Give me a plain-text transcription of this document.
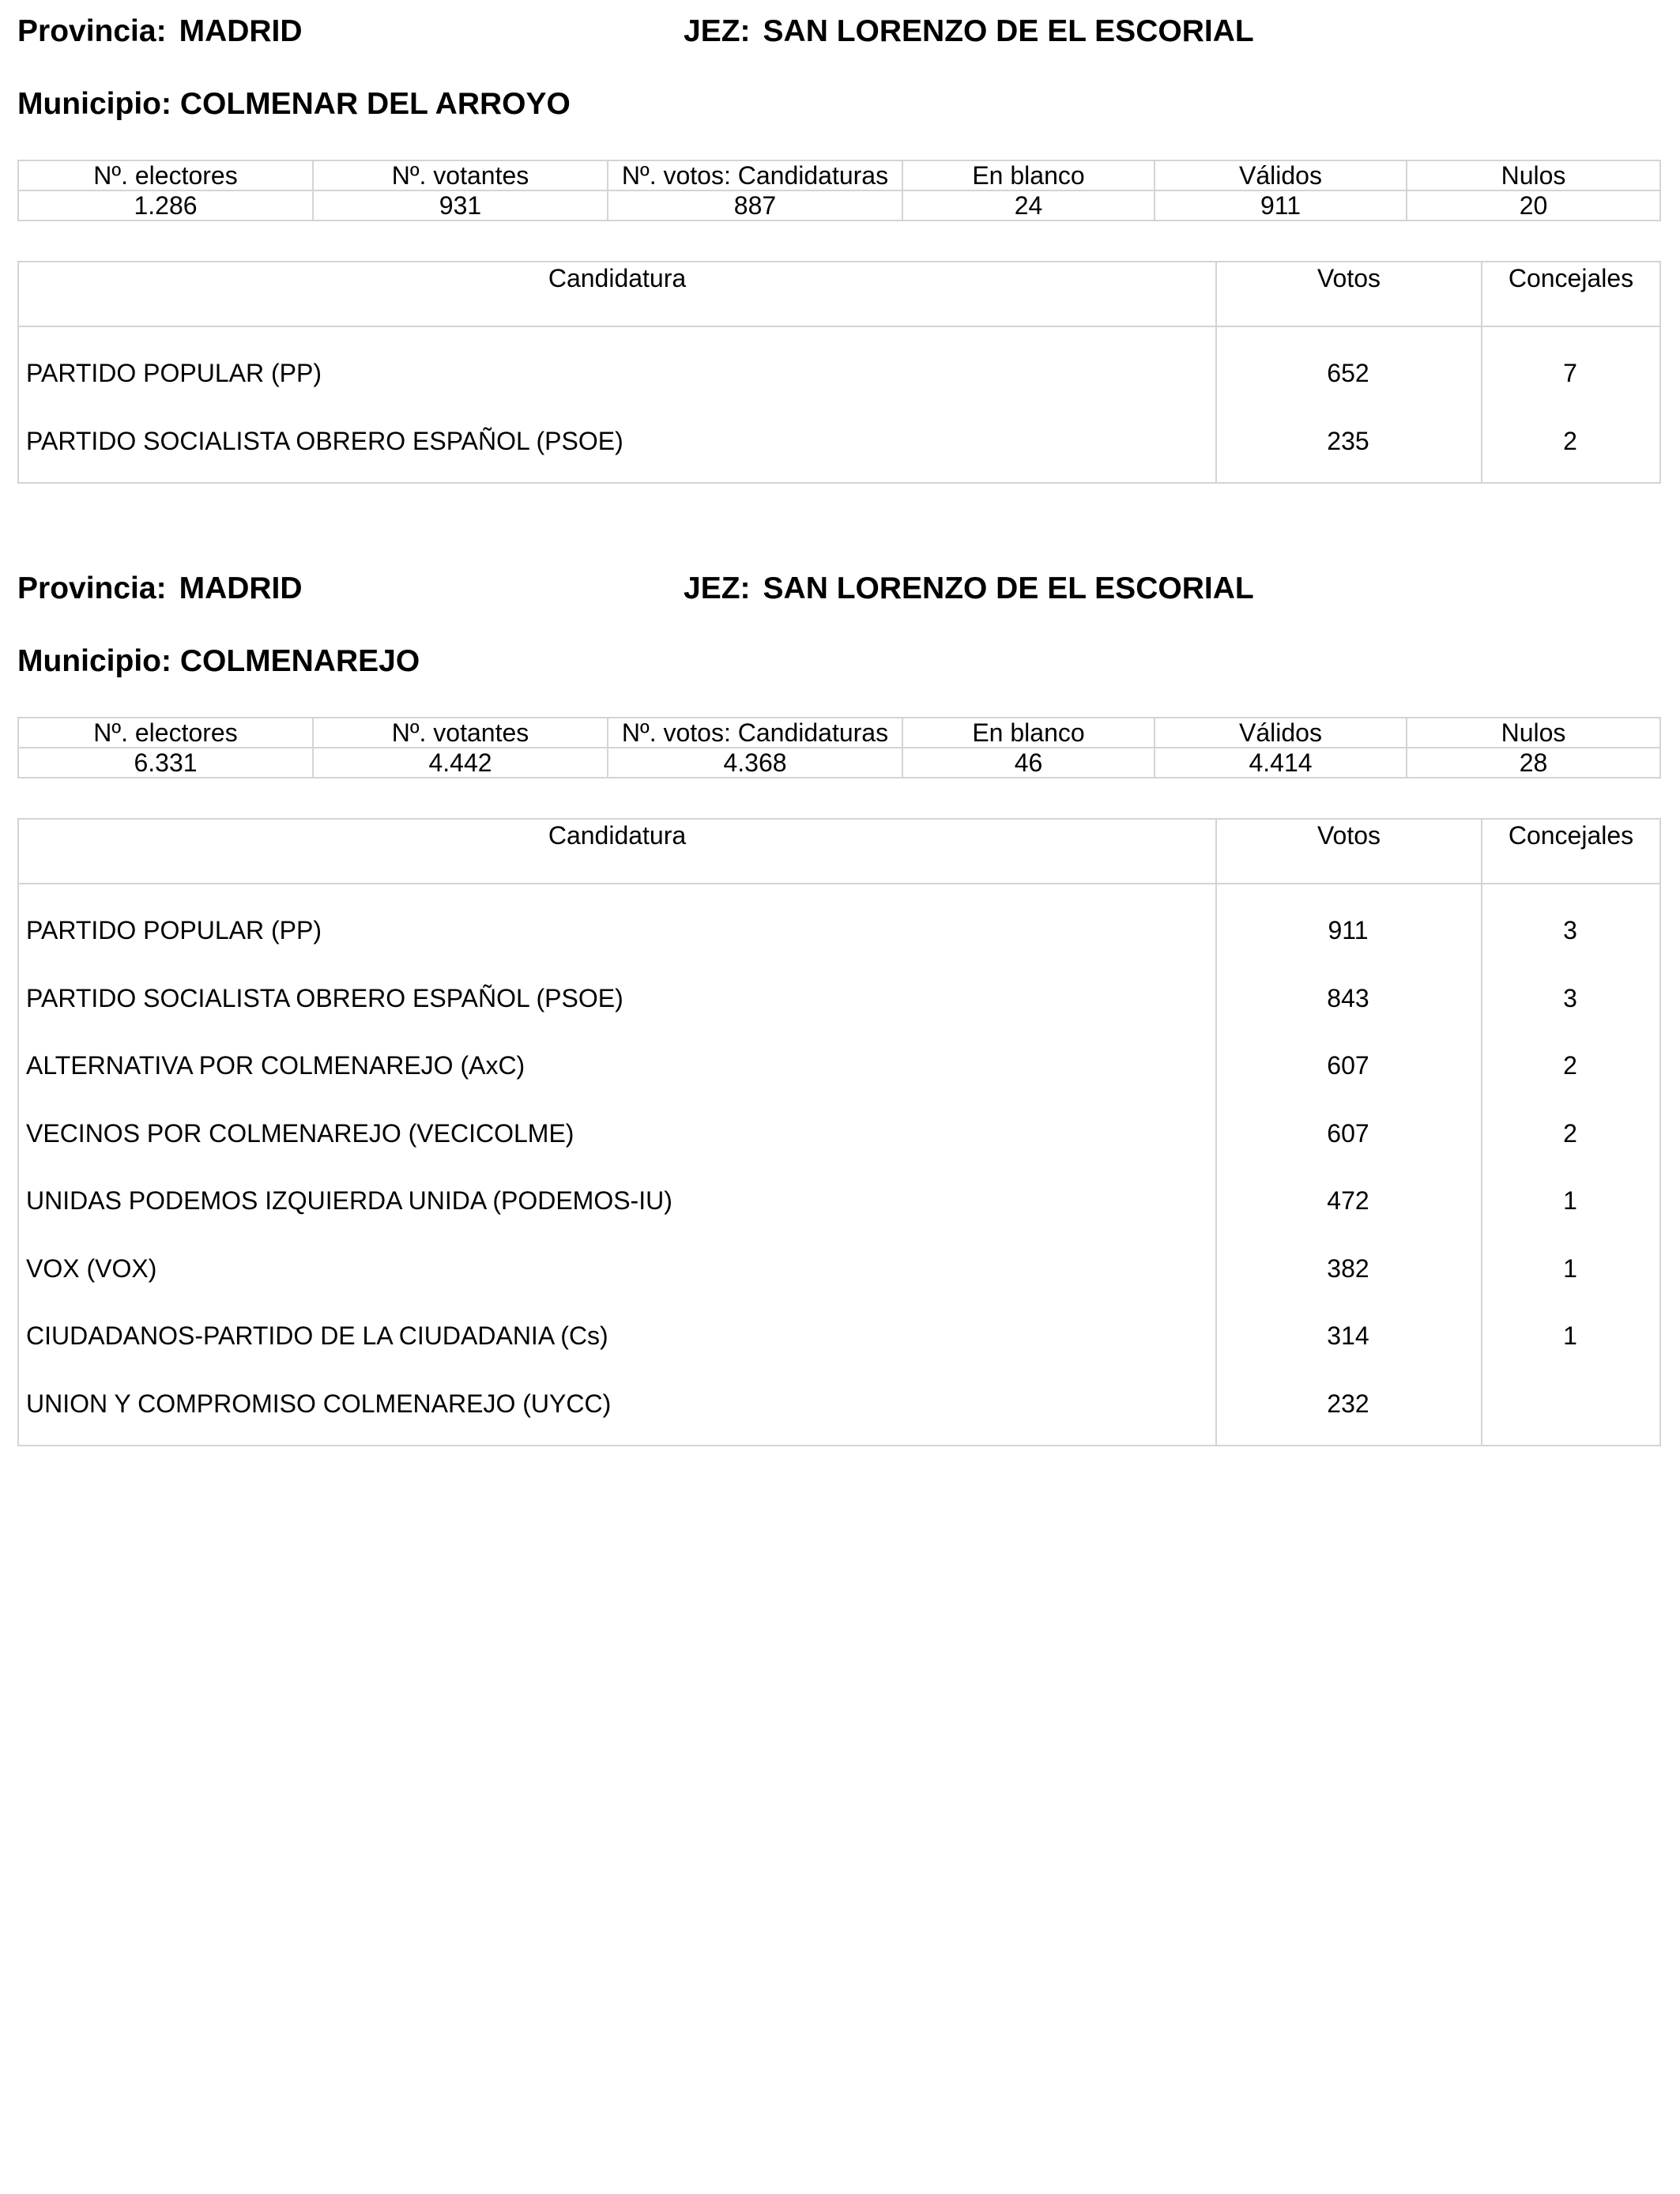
Provincia: MADRID	JEZ: SAN LORENZO DE EL ESCORIAL
Municipio: COLMENAR DEL ARROYO
Nº. electores	Nº. votantes	Nº. votos: Candidaturas	En blanco	Válidos	Nulos
1.286	931	887	24	911	20
Candidatura	Votos	Concejales
PARTIDO POPULAR (PP)	652	7
PARTIDO SOCIALISTA OBRERO ESPAÑOL (PSOE)	235	2
Provincia: MADRID	JEZ: SAN LORENZO DE EL ESCORIAL
Municipio: COLMENAREJO
Nº. electores	Nº. votantes	Nº. votos: Candidaturas	En blanco	Válidos	Nulos
6.331	4.442	4.368	46	4.414	28
Candidatura	Votos	Concejales
PARTIDO POPULAR (PP)	911	3
PARTIDO SOCIALISTA OBRERO ESPAÑOL (PSOE)	843	3
ALTERNATIVA POR COLMENAREJO (AxC)	607	2
VECINOS POR COLMENAREJO (VECICOLME)	607	2
UNIDAS PODEMOS IZQUIERDA UNIDA (PODEMOS-IU)	472	1
VOX (VOX)	382	1
CIUDADANOS-PARTIDO DE LA CIUDADANIA (Cs)	314	1
UNION Y COMPROMISO COLMENAREJO (UYCC)	232
